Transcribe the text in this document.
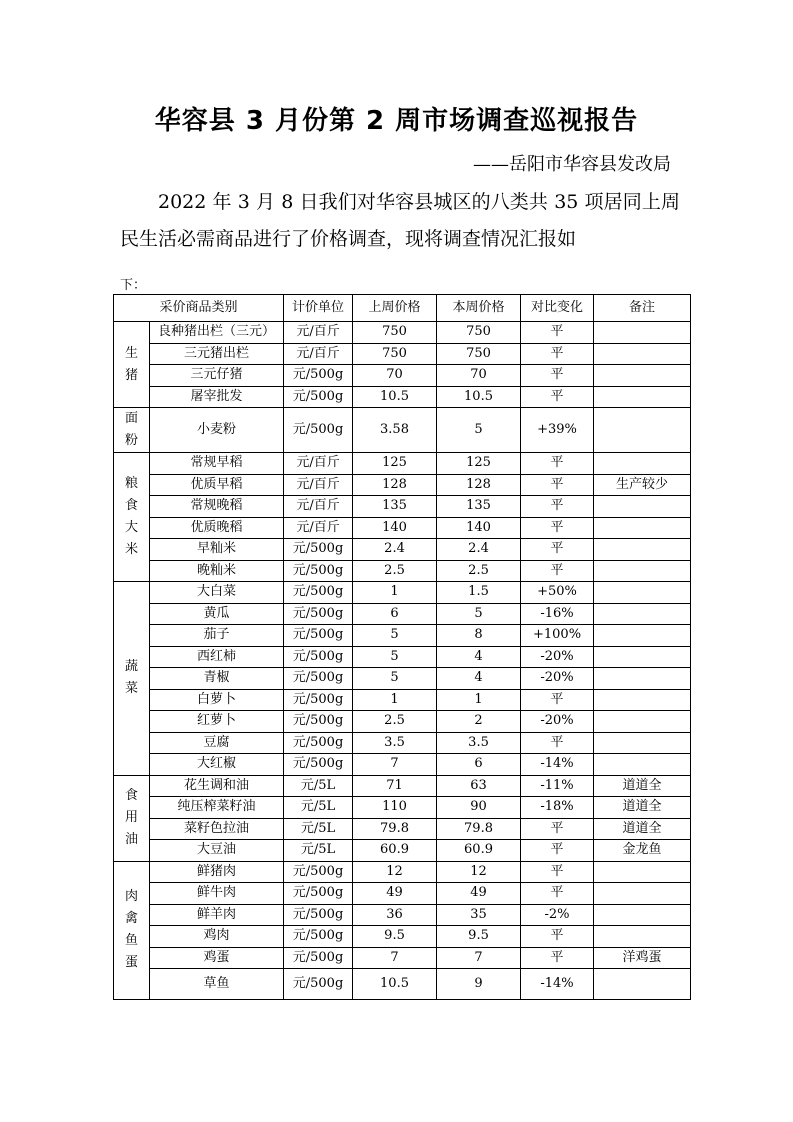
华容县 3 月份第 2 周市场调查巡视报告
——岳阳市华容县发改局
2022 年 3 月 8 日我们对华容县城区的八类共 35 项居同上周民生活必需商品进行了价格调查，现将调查情况汇报如
下：
采价商品类别		计价单位	上周价格	本周价格	对比变化	备注

生
猪	良种猪出栏（三元）	元/百斤	750	750	平	
	三元猪出栏	元/百斤	750	750	平	
	三元仔猪	元/500g	70	70	平	
	屠宰批发	元/500g	10.5	10.5	平	

面
粉	小麦粉	元/500g	3.58	5	+39%	

粮
食
大
米	常规早稻	元/百斤	125	125	平	
	优质早稻	元/百斤	128	128	平	生产较少
	常规晚稻	元/百斤	135	135	平	
	优质晚稻	元/百斤	140	140	平	
	早籼米	元/500g	2.4	2.4	平	
	晚籼米	元/500g	2.5	2.5	平	

蔬
菜	大白菜	元/500g	1	1.5	+50%	
	黄瓜	元/500g	6	5	-16%	
	茄子	元/500g	5	8	+100%	
	西红柿	元/500g	5	4	-20%	
	青椒	元/500g	5	4	-20%	
	白萝卜	元/500g	1	1	平	
	红萝卜	元/500g	2.5	2	-20%	
	豆腐	元/500g	3.5	3.5	平	
	大红椒	元/500g	7	6	-14%	

食
用
油	花生调和油	元/5L	71	63	-11%	道道全
	纯压榨菜籽油	元/5L	110	90	-18%	道道全
	菜籽色拉油	元/5L	79.8	79.8	平	道道全
	大豆油	元/5L	60.9	60.9	平	金龙鱼

肉
禽
鱼
蛋	鲜猪肉	元/500g	12	12	平	
	鲜牛肉	元/500g	49	49	平	
	鲜羊肉	元/500g	36	35	-2%	
	鸡肉	元/500g	9.5	9.5	平	
	鸡蛋	元/500g	7	7	平	洋鸡蛋
	草鱼	元/500g	10.5	9	-14%	
